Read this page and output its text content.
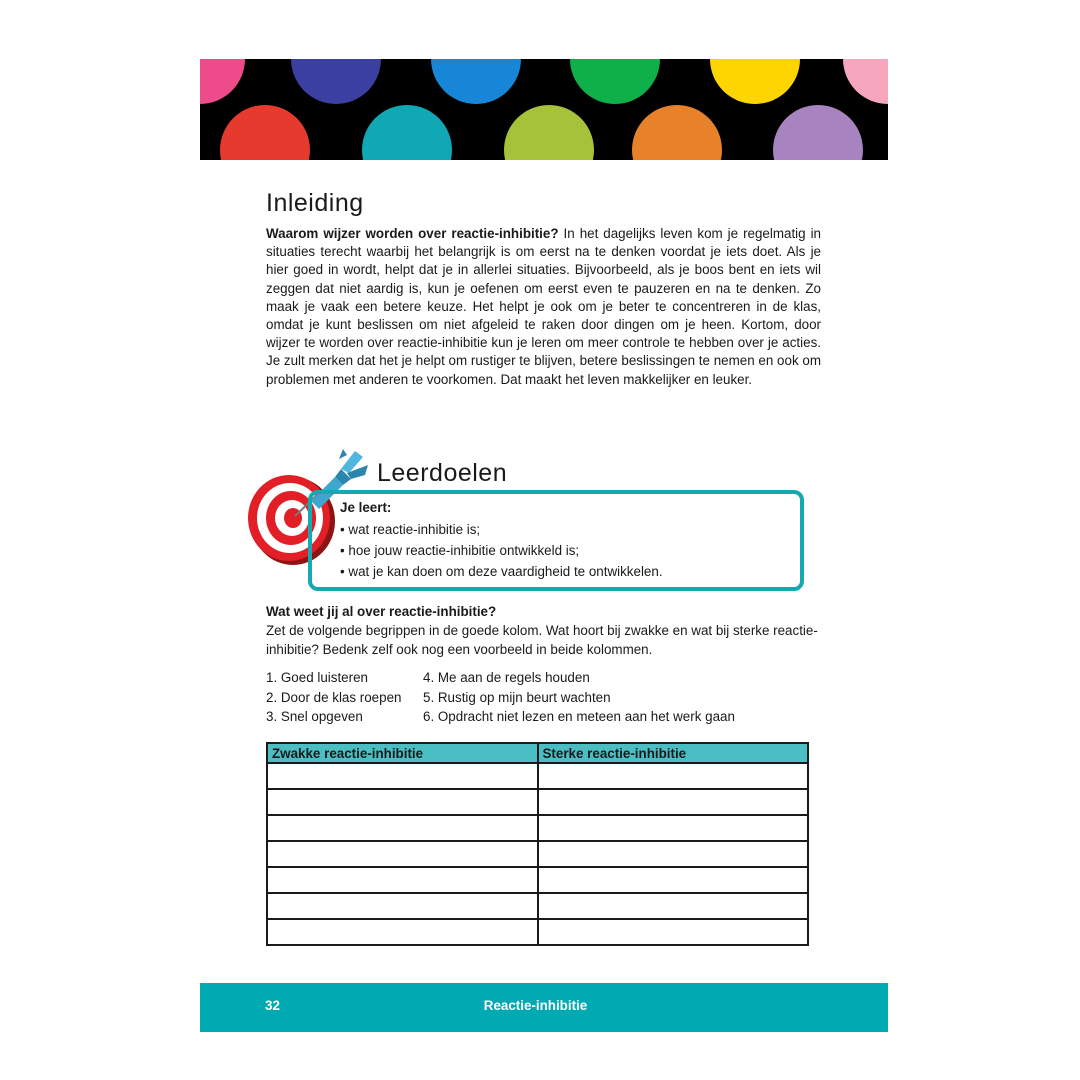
Inleiding

Waarom wijzer worden over reactie-inhibitie? In het dagelijks leven kom je regelmatig in situaties terecht waarbij het belangrijk is om eerst na te denken voordat je iets doet. Als je hier goed in wordt, helpt dat je in allerlei situaties. Bijvoorbeeld, als je boos bent en iets wil zeggen dat niet aardig is, kun je oefenen om eerst even te pauzeren en na te denken. Zo maak je vaak een betere keuze. Het helpt je ook om je beter te concentreren in de klas, omdat je kunt beslissen om niet afgeleid te raken door dingen om je heen. Kortom, door wijzer te worden over reactie-inhibitie kun je leren om meer controle te hebben over je acties. Je zult merken dat het je helpt om rustiger te blijven, betere beslissingen te nemen en ook om problemen met anderen te voorkomen. Dat maakt het leven makkelijker en leuker.

Leerdoelen

Je leert:

• wat reactie-inhibitie is;
• hoe jouw reactie-inhibitie ontwikkeld is;
• wat je kan doen om deze vaardigheid te ontwikkelen.

Wat weet jij al over reactie-inhibitie?

Zet de volgende begrippen in de goede kolom. Wat hoort bij zwakke en wat bij sterke reactie-inhibitie? Bedenk zelf ook nog een voorbeeld in beide kolommen.

1. Goed luisteren
2. Door de klas roepen
3. Snel opgeven
4. Me aan de regels houden
5. Rustig op mijn beurt wachten
6. Opdracht niet lezen en meteen aan het werk gaan
Zwakke reactie-inhibitie	Sterke reactie-inhibitie

32	Reactie-inhibitie
